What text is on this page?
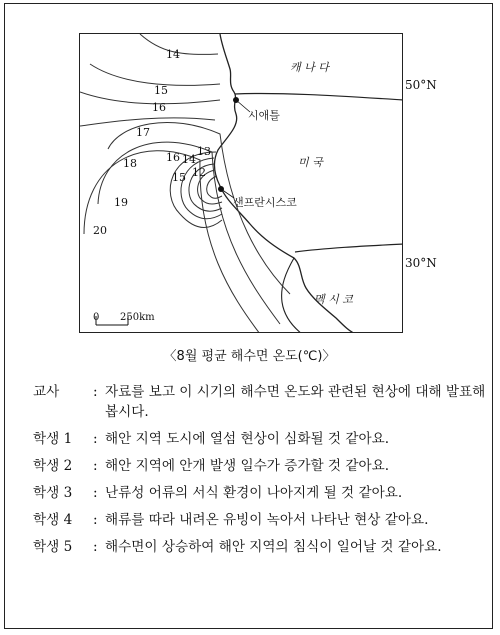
14
15
16
17
18
19
20
16 14
13
15 12
캐 나 다
미 국
멕 시 코
시애틀
샌프란시스코
0 250km
50°N
30°N
〈8월 평균 해수면 온도(℃)〉
교사	: 자료를 보고 이 시기의 해수면 온도와 관련된 현상에 대해 발표해 봅시다.
학생 1	: 해안 지역 도시에 열섬 현상이 심화될 것 같아요.
학생 2	: 해안 지역에 안개 발생 일수가 증가할 것 같아요.
학생 3	: 난류성 어류의 서식 환경이 나아지게 될 것 같아요.
학생 4	: 해류를 따라 내려온 유빙이 녹아서 나타난 현상 같아요.
학생 5	: 해수면이 상승하여 해안 지역의 침식이 일어날 것 같아요.
